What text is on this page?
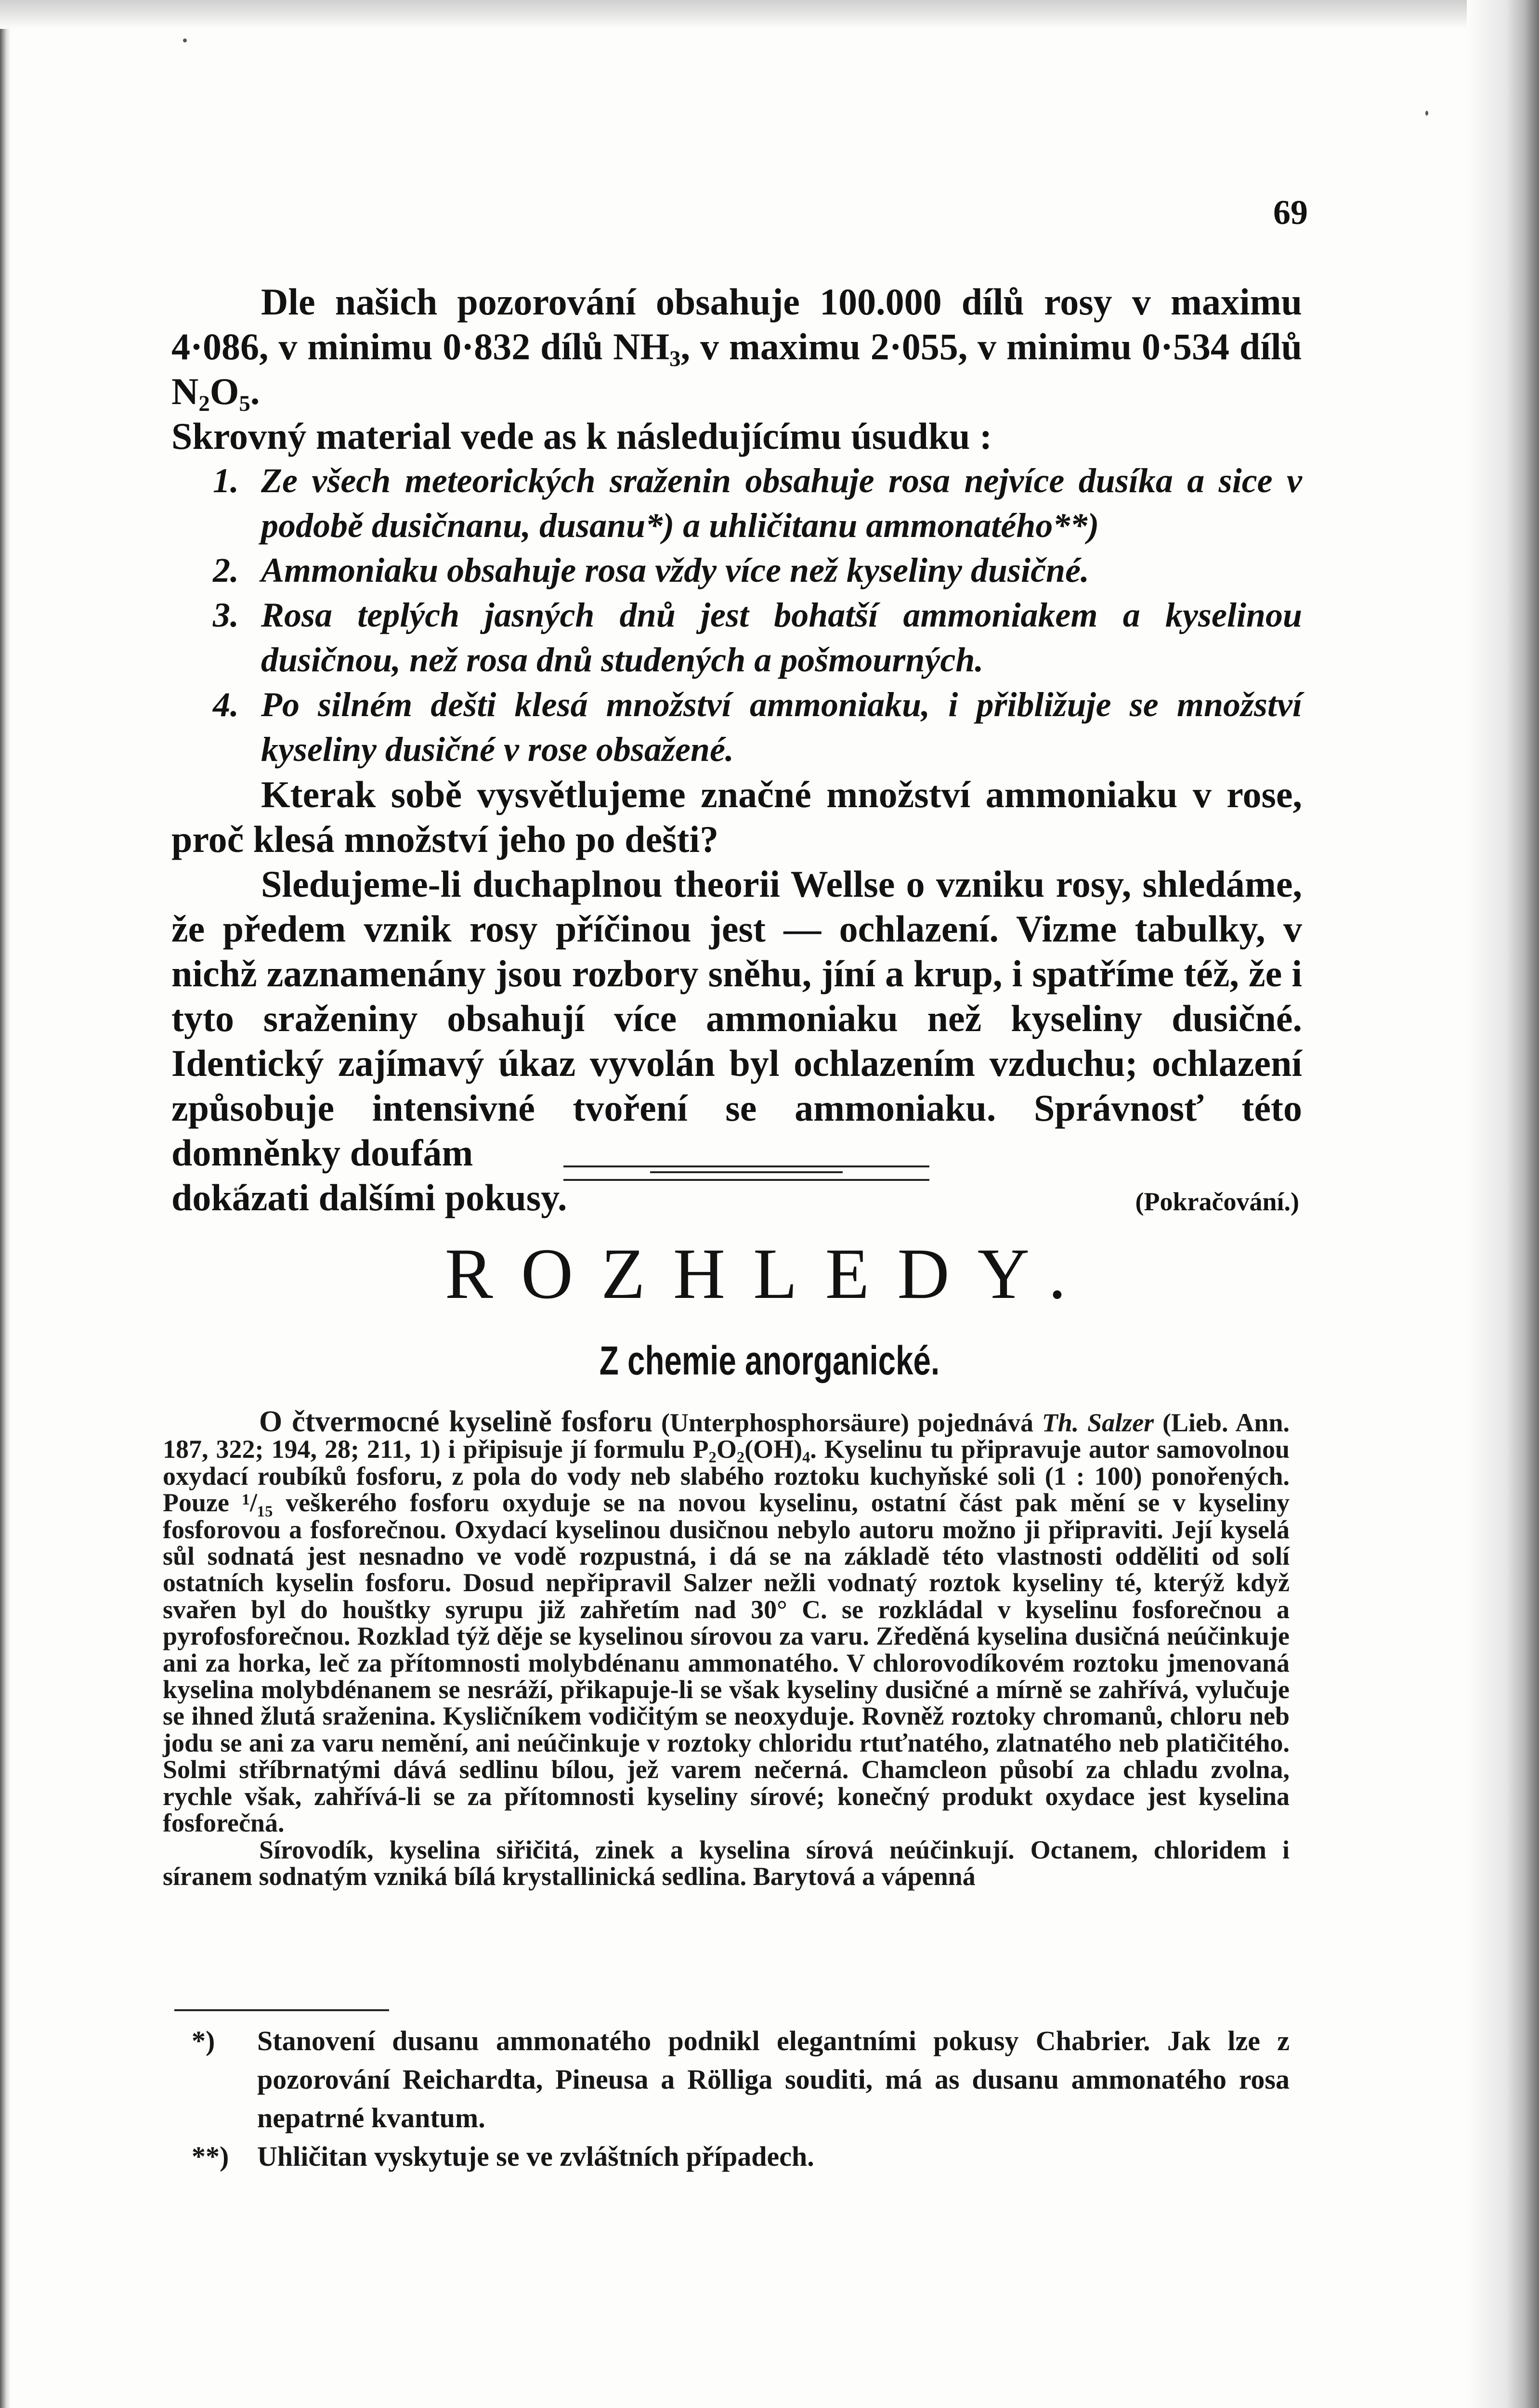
69

Dle našich pozorování obsahuje 100.000 dílů rosy v maximu 4·086, v minimu 0·832 dílů $NH_3$, v maximu 2·055, v minimu 0·534 dílů $N_2O_5$.

Skrovný material vede as k následujícímu úsudku :

1. Ze všech meteorických sraženin obsahuje rosa nejvíce dusíka a sice v podobě dusičnanu, dusanu*) a uhličitanu ammonatého**)
2. Ammoniaku obsahuje rosa vždy více než kyseliny dusičné.
3. Rosa teplých jasných dnů jest bohatší ammoniakem a kyselinou dusičnou, než rosa dnů studených a pošmourných.
4. Po silném dešti klesá množství ammoniaku, i přibližuje se množství kyseliny dusičné v rose obsažené.

Kterak sobě vysvětlujeme značné množství ammoniaku v rose, proč klesá množství jeho po dešti?

Sledujeme-li duchaplnou theorii Wellse o vzniku rosy, shledáme, že předem vznik rosy příčinou jest — ochlazení. Vizme tabulky, v nichž zaznamenány jsou rozbory sněhu, jíní a krup, i spatříme též, že i tyto sraženiny obsahují více ammoniaku než kyseliny dusičné. Identický zajímavý úkaz vyvolán byl ochlazením vzduchu; ochlazení způsobuje intensivné tvoření se ammoniaku. Správnosť této domněnky doufám

dokázati dalšími pokusy.	(Pokračování.)
ROZHLEDY.
Z chemie anorganické.

O čtvermocné kyselině fosforu (Unterphosphorsäure) pojednává Th. Salzer (Lieb. Ann. 187, 322; 194, 28; 211, 1) i připisuje jí formulu $P_2O_2(OH)_4$. Kyselinu tu připravuje autor samovolnou oxydací roubíků fosforu, z pola do vody neb slabého roztoku kuchyňské soli (1 : 100) ponořených. Pouze ¹/₁₅ veškerého fosforu oxyduje se na novou kyselinu, ostatní část pak mění se v kyseliny fosforovou a fosforečnou. Oxydací kyselinou dusičnou nebylo autoru možno ji připraviti. Její kyselá sůl sodnatá jest nesnadno ve vodě rozpustná, i dá se na základě této vlastnosti odděliti od solí ostatních kyselin fosforu. Dosud nepřipravil Salzer nežli vodnatý roztok kyseliny té, kterýž když svařen byl do houštky syrupu již zahřetím nad 30° C. se rozkládal v kyselinu fosforečnou a pyrofosforečnou. Rozklad týž děje se kyselinou sírovou za varu. Zředěná kyselina dusičná neúčinkuje ani za horka, leč za přítomnosti molybdénanu ammonatého. V chlorovodíkovém roztoku jmenovaná kyselina molybdénanem se nesráží, přikapuje-li se však kyseliny dusičné a mírně se zahřívá, vylučuje se ihned žlutá sraženina. Kysličníkem vodičitým se neoxyduje. Rovněž roztoky chromanů, chloru neb jodu se ani za varu nemění, ani neúčinkuje v roztoky chloridu rtuťnatého, zlatnatého neb platičitého. Solmi stříbrnatými dává sedlinu bílou, jež varem nečerná. Chamcleon působí za chladu zvolna, rychle však, zahřívá-li se za přítomnosti kyseliny sírové; konečný produkt oxydace jest kyselina fosforečná.

Sírovodík, kyselina siřičitá, zinek a kyselina sírová neúčinkují. Octanem, chloridem i síranem sodnatým vzniká bílá krystallinická sedlina. Barytová a vápenná

*) Stanovení dusanu ammonatého podnikl elegantními pokusy Chabrier. Jak lze z pozorování Reichardta, Pineusa a Rölliga souditi, má as dusanu ammonatého rosa nepatrné kvantum.
**) Uhličitan vyskytuje se ve zvláštních případech.
